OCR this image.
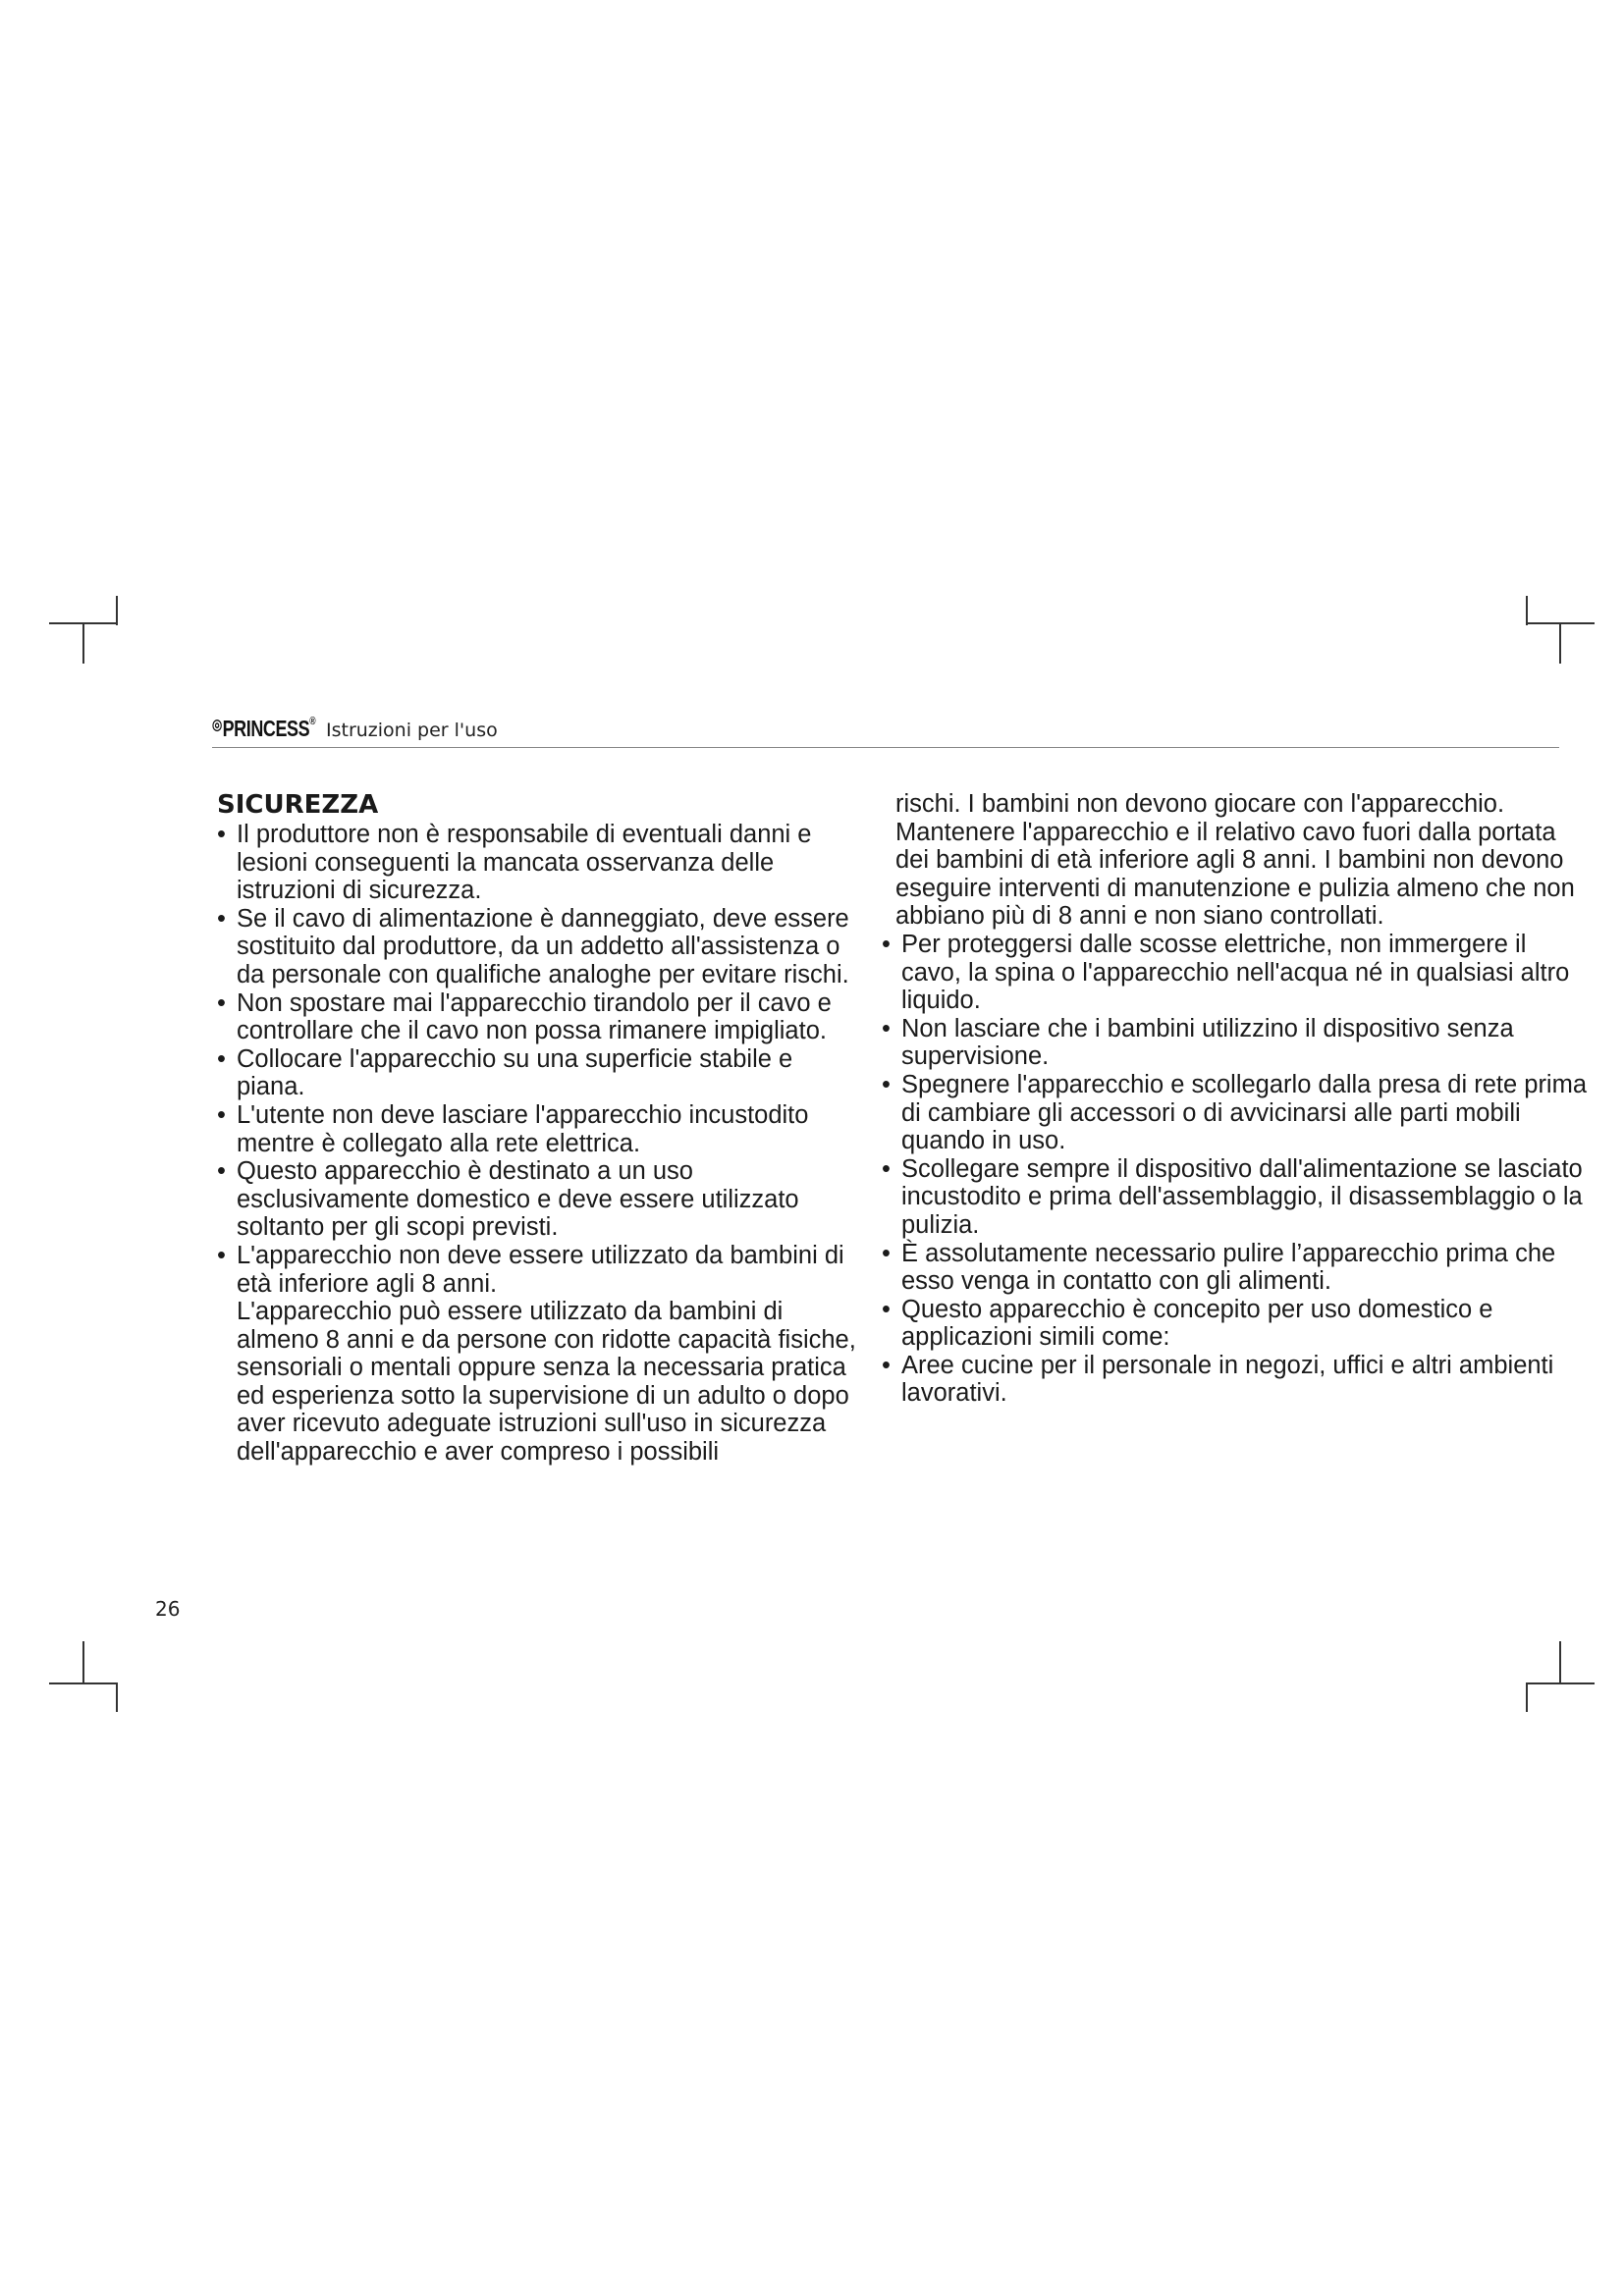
◎PRINCESS® Istruzioni per l'uso
SICUREZZA
• Il produttore non è responsabile di eventuali danni e lesioni conseguenti la mancata osservanza delle istruzioni di sicurezza.
• Se il cavo di alimentazione è danneggiato, deve essere sostituito dal produttore, da un addetto all'assistenza o da personale con qualifiche analoghe per evitare rischi.
• Non spostare mai l'apparecchio tirandolo per il cavo e controllare che il cavo non possa rimanere impigliato.
• Collocare l'apparecchio su una superficie stabile e piana.
• L'utente non deve lasciare l'apparecchio incustodito mentre è collegato alla rete elettrica.
• Questo apparecchio è destinato a un uso esclusivamente domestico e deve essere utilizzato soltanto per gli scopi previsti.
• L'apparecchio non deve essere utilizzato da bambini di età inferiore agli 8 anni.
L'apparecchio può essere utilizzato da bambini di almeno 8 anni e da persone con ridotte capacità fisiche, sensoriali o mentali oppure senza la necessaria pratica ed esperienza sotto la supervisione di un adulto o dopo aver ricevuto adeguate istruzioni sull'uso in sicurezza dell'apparecchio e aver compreso i possibili
rischi. I bambini non devono giocare con l'apparecchio. Mantenere l'apparecchio e il relativo cavo fuori dalla portata dei bambini di età inferiore agli 8 anni. I bambini non devono eseguire interventi di manutenzione e pulizia almeno che non abbiano più di 8 anni e non siano controllati.
• Per proteggersi dalle scosse elettriche, non immergere il cavo, la spina o l'apparecchio nell'acqua né in qualsiasi altro liquido.
• Non lasciare che i bambini utilizzino il dispositivo senza supervisione.
• Spegnere l'apparecchio e scollegarlo dalla presa di rete prima di cambiare gli accessori o di avvicinarsi alle parti mobili quando in uso.
• Scollegare sempre il dispositivo dall'alimentazione se lasciato incustodito e prima dell'assemblaggio, il disassemblaggio o la pulizia.
• È assolutamente necessario pulire l’apparecchio prima che esso venga in contatto con gli alimenti.
• Questo apparecchio è concepito per uso domestico e applicazioni simili come:
• Aree cucine per il personale in negozi, uffici e altri ambienti lavorativi.
26
